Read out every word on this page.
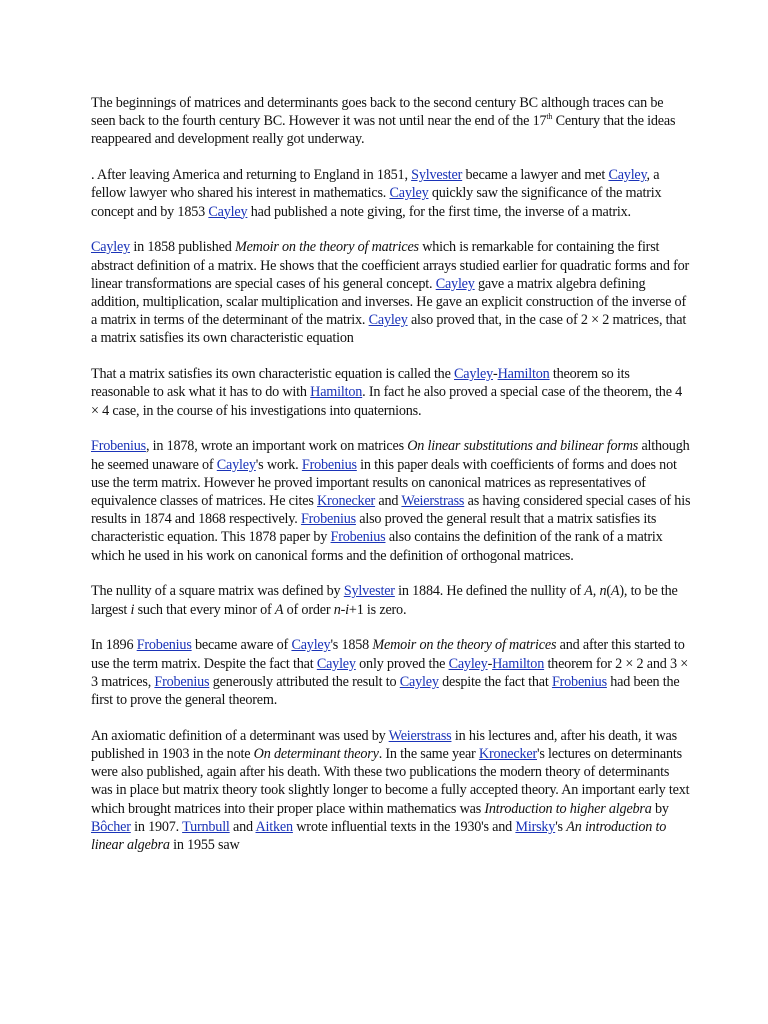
The beginnings of matrices and determinants goes back to the second century BC although traces can be seen back to the fourth century BC. However it was not until near the end of the 17th Century that the ideas reappeared and development really got underway.

. After leaving America and returning to England in 1851, Sylvester became a lawyer and met Cayley, a fellow lawyer who shared his interest in mathematics. Cayley quickly saw the significance of the matrix concept and by 1853 Cayley had published a note giving, for the first time, the inverse of a matrix.

Cayley in 1858 published Memoir on the theory of matrices which is remarkable for containing the first abstract definition of a matrix. He shows that the coefficient arrays studied earlier for quadratic forms and for linear transformations are special cases of his general concept. Cayley gave a matrix algebra defining addition, multiplication, scalar multiplication and inverses. He gave an explicit construction of the inverse of a matrix in terms of the determinant of the matrix. Cayley also proved that, in the case of 2 × 2 matrices, that a matrix satisfies its own characteristic equation

That a matrix satisfies its own characteristic equation is called the Cayley-Hamilton theorem so its reasonable to ask what it has to do with Hamilton. In fact he also proved a special case of the theorem, the 4 × 4 case, in the course of his investigations into quaternions.

Frobenius, in 1878, wrote an important work on matrices On linear substitutions and bilinear forms although he seemed unaware of Cayley's work. Frobenius in this paper deals with coefficients of forms and does not use the term matrix. However he proved important results on canonical matrices as representatives of equivalence classes of matrices. He cites Kronecker and Weierstrass as having considered special cases of his results in 1874 and 1868 respectively. Frobenius also proved the general result that a matrix satisfies its characteristic equation. This 1878 paper by Frobenius also contains the definition of the rank of a matrix which he used in his work on canonical forms and the definition of orthogonal matrices.

The nullity of a square matrix was defined by Sylvester in 1884. He defined the nullity of A, n(A), to be the largest i such that every minor of A of order n-i+1 is zero.

In 1896 Frobenius became aware of Cayley's 1858 Memoir on the theory of matrices and after this started to use the term matrix. Despite the fact that Cayley only proved the Cayley-Hamilton theorem for 2 × 2 and 3 × 3 matrices, Frobenius generously attributed the result to Cayley despite the fact that Frobenius had been the first to prove the general theorem.

An axiomatic definition of a determinant was used by Weierstrass in his lectures and, after his death, it was published in 1903 in the note On determinant theory. In the same year Kronecker's lectures on determinants were also published, again after his death. With these two publications the modern theory of determinants was in place but matrix theory took slightly longer to become a fully accepted theory. An important early text which brought matrices into their proper place within mathematics was Introduction to higher algebra by Bôcher in 1907. Turnbull and Aitken wrote influential texts in the 1930's and Mirsky's An introduction to linear algebra in 1955 saw
